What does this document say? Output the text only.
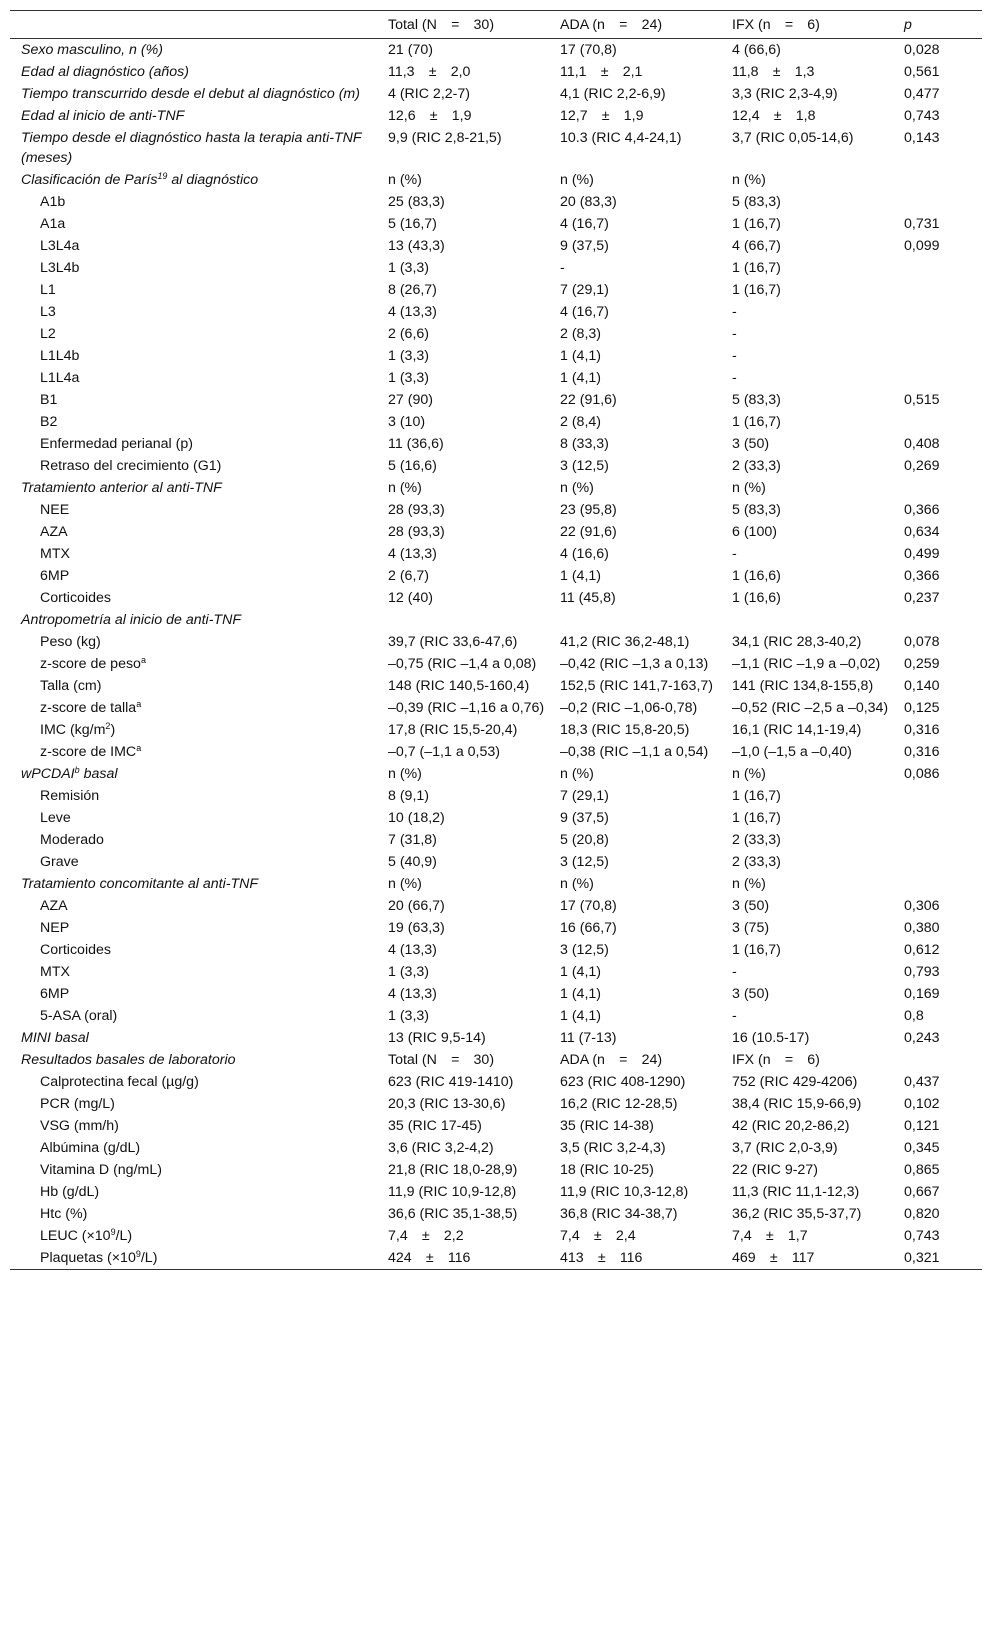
	Total (N  =  30)	ADA (n  =  24)	IFX (n  =  6)	p
Sexo masculino, n (%)	21 (70)	17 (70,8)	4 (66,6)	0,028
Edad al diagnóstico (años)	11,3  ±  2,0	11,1  ±  2,1	11,8  ±  1,3	0,561
Tiempo transcurrido desde el debut al diagnóstico (m)	4 (RIC 2,2-7)	4,1 (RIC 2,2-6,9)	3,3 (RIC 2,3-4,9)	0,477
Edad al inicio de anti-TNF	12,6  ±  1,9	12,7  ±  1,9	12,4  ±  1,8	0,743
Tiempo desde el diagnóstico hasta la terapia anti-TNF (meses)	9,9 (RIC 2,8-21,5)	10.3 (RIC 4,4-24,1)	3,7 (RIC 0,05-14,6)	0,143
Clasificación de París$^{19}$ al diagnóstico	n (%)	n (%)	n (%)	
A1b	25 (83,3)	20 (83,3)	5 (83,3)	
A1a	5 (16,7)	4 (16,7)	1 (16,7)	0,731
L3L4a	13 (43,3)	9 (37,5)	4 (66,7)	0,099
L3L4b	1 (3,3)	-	1 (16,7)	
L1	8 (26,7)	7 (29,1)	1 (16,7)	
L3	4 (13,3)	4 (16,7)	-	
L2	2 (6,6)	2 (8,3)	-	
L1L4b	1 (3,3)	1 (4,1)	-	
L1L4a	1 (3,3)	1 (4,1)	-	
B1	27 (90)	22 (91,6)	5 (83,3)	0,515
B2	3 (10)	2 (8,4)	1 (16,7)	
Enfermedad perianal (p)	11 (36,6)	8 (33,3)	3 (50)	0,408
Retraso del crecimiento (G1)	5 (16,6)	3 (12,5)	2 (33,3)	0,269
Tratamiento anterior al anti-TNF	n (%)	n (%)	n (%)	
NEE	28 (93,3)	23 (95,8)	5 (83,3)	0,366
AZA	28 (93,3)	22 (91,6)	6 (100)	0,634
MTX	4 (13,3)	4 (16,6)	-	0,499
6MP	2 (6,7)	1 (4,1)	1 (16,6)	0,366
Corticoides	12 (40)	11 (45,8)	1 (16,6)	0,237
Antropometría al inicio de anti-TNF				
Peso (kg)	39,7 (RIC 33,6-47,6)	41,2 (RIC 36,2-48,1)	34,1 (RIC 28,3-40,2)	0,078
z-score de peso$^a$	–0,75 (RIC –1,4 a 0,08)	–0,42 (RIC –1,3 a 0,13)	–1,1 (RIC –1,9 a –0,02)	0,259
Talla (cm)	148 (RIC 140,5-160,4)	152,5 (RIC 141,7-163,7)	141 (RIC 134,8-155,8)	0,140
z-score de talla$^a$	–0,39 (RIC –1,16 a 0,76)	–0,2 (RIC –1,06-0,78)	–0,52 (RIC –2,5 a –0,34)	0,125
IMC $(kg/m^2)$	17,8 (RIC 15,5-20,4)	18,3 (RIC 15,8-20,5)	16,1 (RIC 14,1-19,4)	0,316
z-score de IMC$^a$	–0,7 (–1,1 a 0,53)	–0,38 (RIC –1,1 a 0,54)	–1,0 (–1,5 a –0,40)	0,316
wPCDAI$^b$ basal	n (%)	n (%)	n (%)	0,086
Remisión	8 (9,1)	7 (29,1)	1 (16,7)	
Leve	10 (18,2)	9 (37,5)	1 (16,7)	
Moderado	7 (31,8)	5 (20,8)	2 (33,3)	
Grave	5 (40,9)	3 (12,5)	2 (33,3)	
Tratamiento concomitante al anti-TNF	n (%)	n (%)	n (%)	
AZA	20 (66,7)	17 (70,8)	3 (50)	0,306
NEP	19 (63,3)	16 (66,7)	3 (75)	0,380
Corticoides	4 (13,3)	3 (12,5)	1 (16,7)	0,612
MTX	1 (3,3)	1 (4,1)	-	0,793
6MP	4 (13,3)	1 (4,1)	3 (50)	0,169
5-ASA (oral)	1 (3,3)	1 (4,1)	-	0,8
MINI basal	13 (RIC 9,5-14)	11 (7-13)	16 (10.5-17)	0,243
Resultados basales de laboratorio	Total (N  =  30)	ADA (n  =  24)	IFX (n  =  6)	
Calprotectina fecal (µg/g)	623 (RIC 419-1410)	623 (RIC 408-1290)	752 (RIC 429-4206)	0,437
PCR (mg/L)	20,3 (RIC 13-30,6)	16,2 (RIC 12-28,5)	38,4 (RIC 15,9-66,9)	0,102
VSG (mm/h)	35 (RIC 17-45)	35 (RIC 14-38)	42 (RIC 20,2-86,2)	0,121
Albúmina (g/dL)	3,6 (RIC 3,2-4,2)	3,5 (RIC 3,2-4,3)	3,7 (RIC 2,0-3,9)	0,345
Vitamina D (ng/mL)	21,8 (RIC 18,0-28,9)	18 (RIC 10-25)	22 (RIC 9-27)	0,865
Hb (g/dL)	11,9 (RIC 10,9-12,8)	11,9 (RIC 10,3-12,8)	11,3 (RIC 11,1-12,3)	0,667
Htc (%)	36,6 (RIC 35,1-38,5)	36,8 (RIC 34-38,7)	36,2 (RIC 35,5-37,7)	0,820
LEUC $(\times 10^9/L)$	7,4  ±  2,2	7,4  ±  2,4	7,4  ±  1,7	0,743
Plaquetas $(\times 10^9/L)$	424  ±  116	413  ±  116	469  ±  117	0,321
